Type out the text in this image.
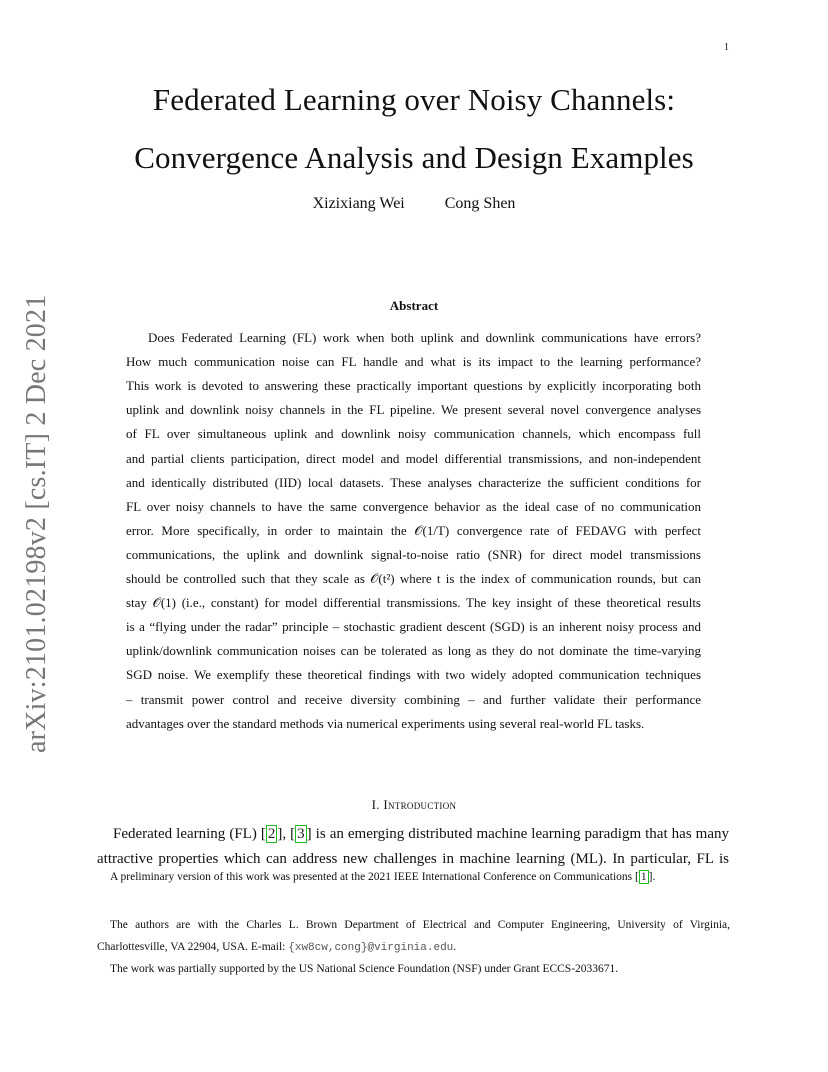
1
arXiv:2101.02198v2 [cs.IT] 2 Dec 2021
Federated Learning over Noisy Channels:
Convergence Analysis and Design Examples
Xizixiang Wei	Cong Shen
Abstract
Does Federated Learning (FL) work when both uplink and downlink communications have errors?
How much communication noise can FL handle and what is its impact to the learning performance?
This work is devoted to answering these practically important questions by explicitly incorporating both
uplink and downlink noisy channels in the FL pipeline. We present several novel convergence analyses
of FL over simultaneous uplink and downlink noisy communication channels, which encompass full
and partial clients participation, direct model and model differential transmissions, and non-independent
and identically distributed (IID) local datasets. These analyses characterize the sufficient conditions for
FL over noisy channels to have the same convergence behavior as the ideal case of no communication
error. More specifically, in order to maintain the 𝒪(1/T) convergence rate of FEDAVG with perfect
communications, the uplink and downlink signal-to-noise ratio (SNR) for direct model transmissions
should be controlled such that they scale as 𝒪(t²) where t is the index of communication rounds, but can
stay 𝒪(1) (i.e., constant) for model differential transmissions. The key insight of these theoretical results
is a “flying under the radar” principle – stochastic gradient descent (SGD) is an inherent noisy process and
uplink/downlink communication noises can be tolerated as long as they do not dominate the time-varying
SGD noise. We exemplify these theoretical findings with two widely adopted communication techniques
– transmit power control and receive diversity combining – and further validate their performance
advantages over the standard methods via numerical experiments using several real-world FL tasks.
I. Introduction
Federated learning (FL) [ 2 ], [ 3 ] is an emerging distributed machine learning paradigm that has many
attractive properties which can address new challenges in machine learning (ML). In particular, FL is
A preliminary version of this work was presented at the 2021 IEEE International Conference on Communications [ 1 ].
The authors are with the Charles L. Brown Department of Electrical and Computer Engineering, University of Virginia,
Charlottesville, VA 22904, USA. E-mail: {xw8cw,cong}@virginia.edu.
The work was partially supported by the US National Science Foundation (NSF) under Grant ECCS-2033671.
